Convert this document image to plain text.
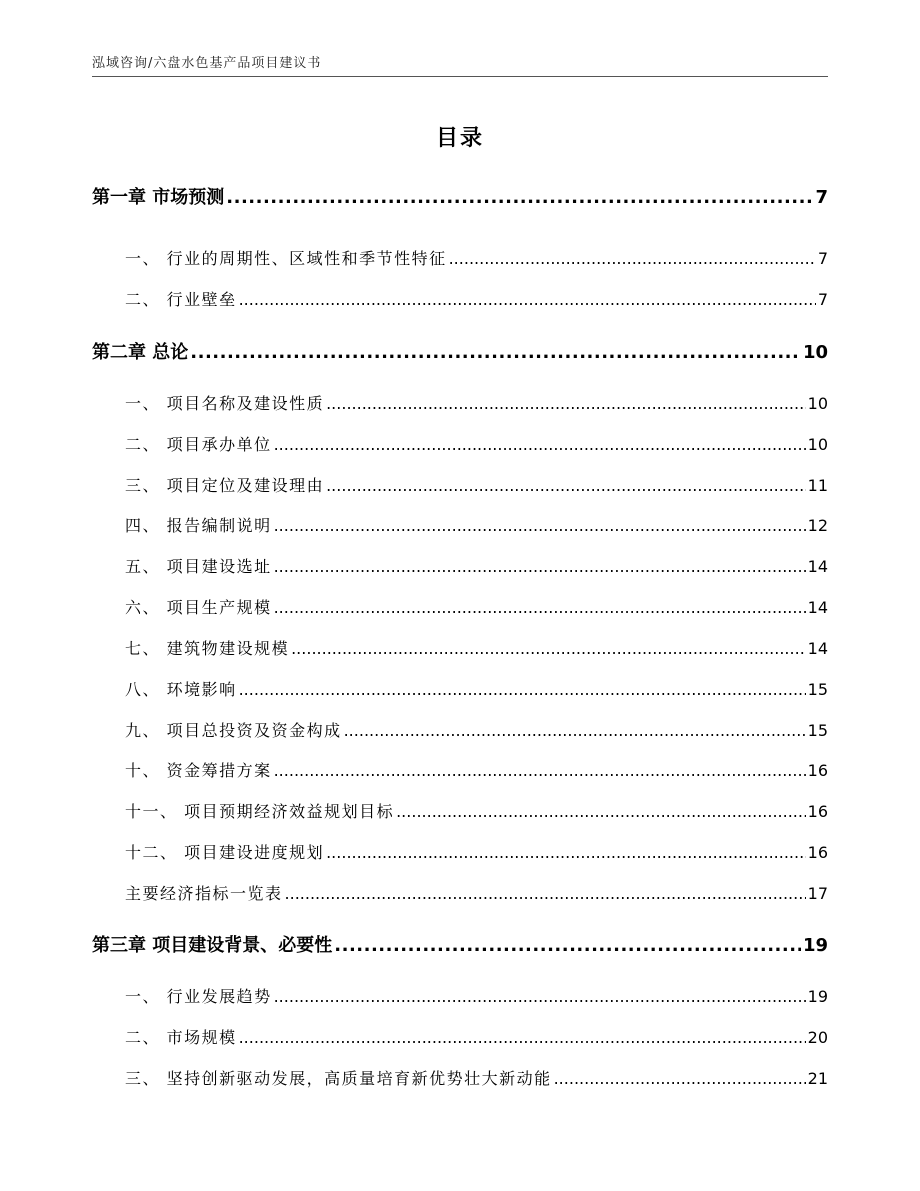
泓域咨询/六盘水色基产品项目建议书
目录
第一章 市场预测 .....	7
一、 行业的周期性、区域性和季节性特征 .....	7
二、 行业壁垒 .....	7
第二章 总论 .....	10
一、 项目名称及建设性质 .....	10
二、 项目承办单位 .....	10
三、 项目定位及建设理由 .....	11
四、 报告编制说明 .....	12
五、 项目建设选址 .....	14
六、 项目生产规模 .....	14
七、 建筑物建设规模 .....	14
八、 环境影响 .....	15
九、 项目总投资及资金构成 .....	15
十、 资金筹措方案 .....	16
十一、 项目预期经济效益规划目标 .....	16
十二、 项目建设进度规划 .....	16
主要经济指标一览表 .....	17
第三章 项目建设背景、必要性 .....	19
一、 行业发展趋势 .....	19
二、 市场规模 .....	20
三、 坚持创新驱动发展，高质量培育新优势壮大新动能 .....	21
